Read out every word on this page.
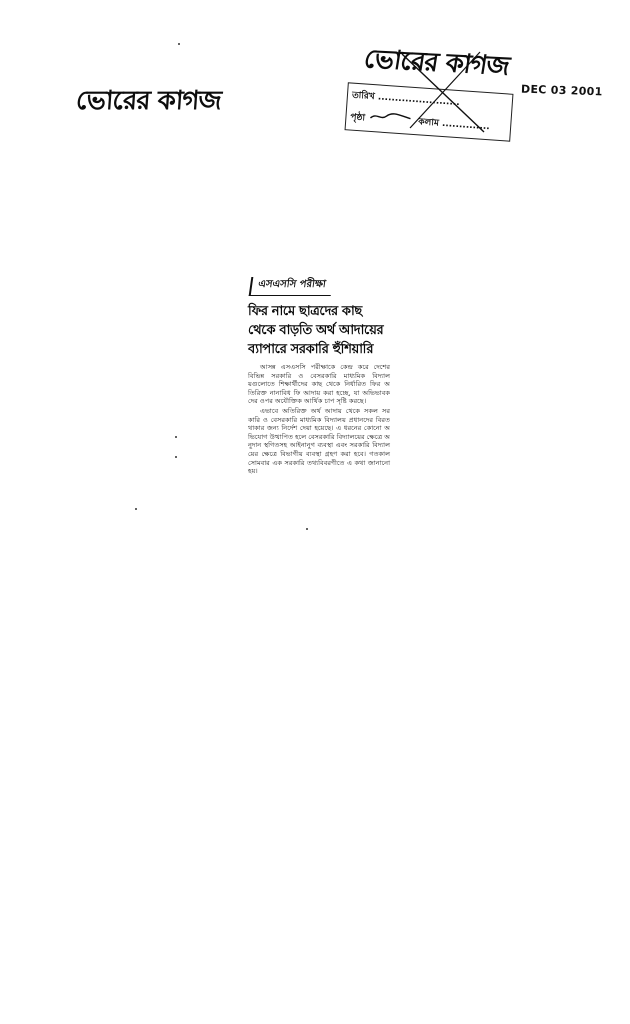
ভোরের কাগজ
ভোরের কাগজ
তারিখ ........................
পৃষ্ঠা	কলাম ..............
DEC 03 2001
এসএসসি পরীক্ষা
ফির নামে ছাত্রদের কাছ থেকে বাড়তি অর্থ আদায়ের ব্যাপারে সরকারি হুঁশিয়ারি

আসন্ন এসএসসি পরীক্ষাকে কেন্দ্র করে দেশের বিভিন্ন সরকারি ও বেসরকারি মাধ্যমিক বিদ্যালয়গুলোতে শিক্ষার্থীদের কাছ থেকে নির্ধারিত ফির অতিরিক্ত নানাবিধ ফি আদায় করা হচ্ছে, যা অভিভাবকদের ওপর অযৌক্তিক আর্থিক চাপ সৃষ্টি করছে।

এভাবে অতিরিক্ত অর্থ আদায় থেকে সকল সরকারি ও বেসরকারি মাধ্যমিক বিদ্যালয় প্রধানদের বিরত থাকার জন্য নির্দেশ দেয়া হয়েছে। এ ধরনের কোনো অভিযোগ উত্থাপিত হলে বেসরকারি বিদ্যালয়ের ক্ষেত্রে অনুদান স্থগিতসহ আইনানুগ ব্যবস্থা এবং সরকারি বিদ্যালয়ের ক্ষেত্রে বিভাগীয় ব্যবস্থা গ্রহণ করা হবে। গতকাল সোমবার এক সরকারি তথ্যবিবরণীতে এ কথা জানানো হয়।
